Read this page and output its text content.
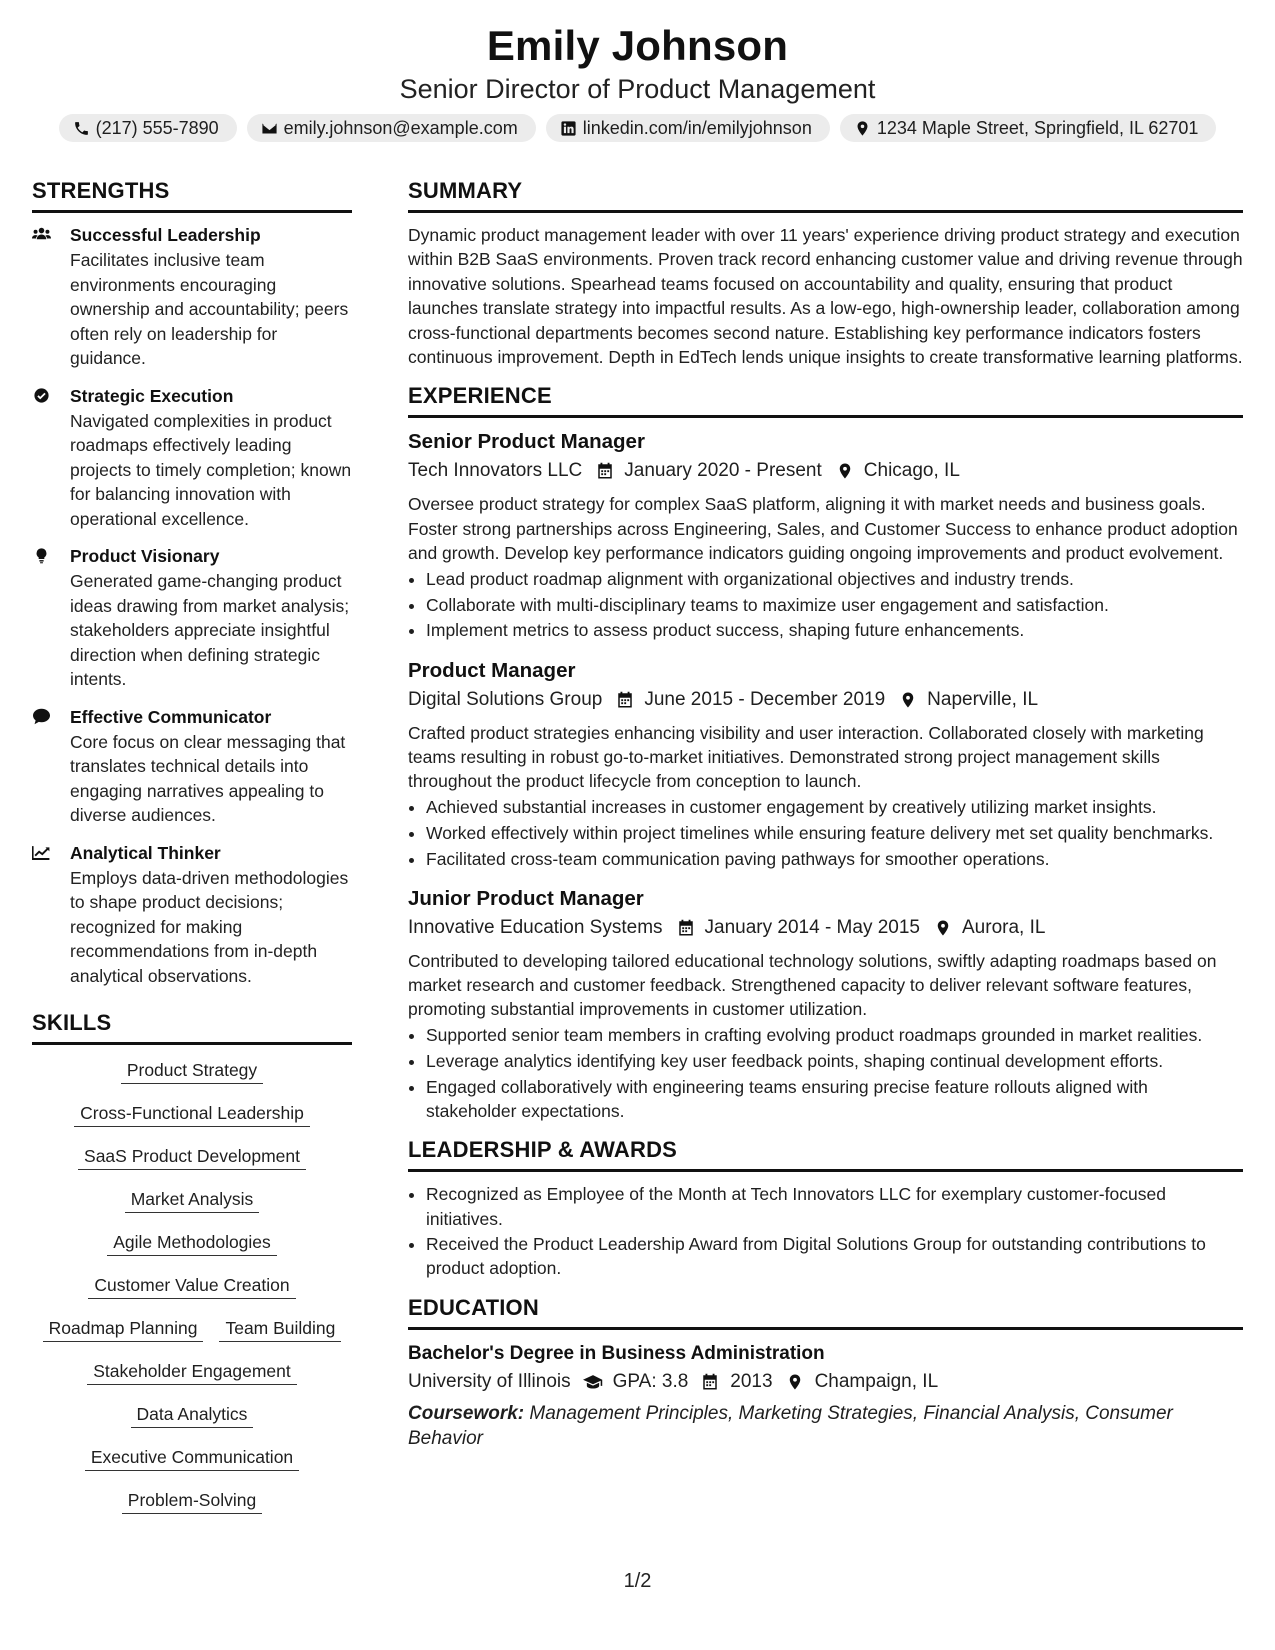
Emily Johnson
Senior Director of Product Management
(217) 555-7890	emily.johnson@example.com	linkedin.com/in/emilyjohnson	1234 Maple Street, Springfield, IL 62701
STRENGTHS
Successful Leadership
Facilitates inclusive team environments encouraging ownership and accountability; peers often rely on leadership for guidance.
Strategic Execution
Navigated complexities in product roadmaps effectively leading projects to timely completion; known for balancing innovation with operational excellence.
Product Visionary
Generated game-changing product ideas drawing from market analysis; stakeholders appreciate insightful direction when defining strategic intents.
Effective Communicator
Core focus on clear messaging that translates technical details into engaging narratives appealing to diverse audiences.
Analytical Thinker
Employs data-driven methodologies to shape product decisions; recognized for making recommendations from in-depth analytical observations.
SKILLS
Product Strategy
Cross-Functional Leadership
SaaS Product Development
Market Analysis
Agile Methodologies
Customer Value Creation
Roadmap Planning	Team Building
Stakeholder Engagement
Data Analytics
Executive Communication
Problem-Solving
SUMMARY
Dynamic product management leader with over 11 years' experience driving product strategy and execution within B2B SaaS environments. Proven track record enhancing customer value and driving revenue through innovative solutions. Spearhead teams focused on accountability and quality, ensuring that product launches translate strategy into impactful results. As a low-ego, high-ownership leader, collaboration among cross-functional departments becomes second nature. Establishing key performance indicators fosters continuous improvement. Depth in EdTech lends unique insights to create transformative learning platforms.
EXPERIENCE
Senior Product Manager
Tech Innovators LLC January 2020 - Present Chicago, IL
Oversee product strategy for complex SaaS platform, aligning it with market needs and business goals. Foster strong partnerships across Engineering, Sales, and Customer Success to enhance product adoption and growth. Develop key performance indicators guiding ongoing improvements and product evolvement.
• Lead product roadmap alignment with organizational objectives and industry trends.
• Collaborate with multi-disciplinary teams to maximize user engagement and satisfaction.
• Implement metrics to assess product success, shaping future enhancements.
Product Manager
Digital Solutions Group June 2015 - December 2019 Naperville, IL
Crafted product strategies enhancing visibility and user interaction. Collaborated closely with marketing teams resulting in robust go-to-market initiatives. Demonstrated strong project management skills throughout the product lifecycle from conception to launch.
• Achieved substantial increases in customer engagement by creatively utilizing market insights.
• Worked effectively within project timelines while ensuring feature delivery met set quality benchmarks.
• Facilitated cross-team communication paving pathways for smoother operations.
Junior Product Manager
Innovative Education Systems January 2014 - May 2015 Aurora, IL
Contributed to developing tailored educational technology solutions, swiftly adapting roadmaps based on market research and customer feedback. Strengthened capacity to deliver relevant software features, promoting substantial improvements in customer utilization.
• Supported senior team members in crafting evolving product roadmaps grounded in market realities.
• Leverage analytics identifying key user feedback points, shaping continual development efforts.
• Engaged collaboratively with engineering teams ensuring precise feature rollouts aligned with stakeholder expectations.
LEADERSHIP & AWARDS
• Recognized as Employee of the Month at Tech Innovators LLC for exemplary customer-focused initiatives.
• Received the Product Leadership Award from Digital Solutions Group for outstanding contributions to product adoption.
EDUCATION
Bachelor's Degree in Business Administration
University of Illinois GPA: 3.8 2013 Champaign, IL
Coursework: Management Principles, Marketing Strategies, Financial Analysis, Consumer Behavior
1/2
